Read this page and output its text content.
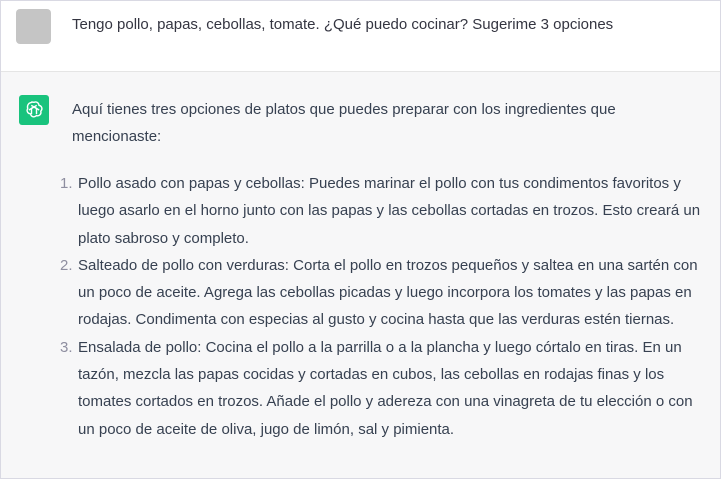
Tengo pollo, papas, cebollas, tomate. ¿Qué puedo cocinar? Sugerime 3 opciones
Aquí tienes tres opciones de platos que puedes preparar con los ingredientes que mencionaste:
1. Pollo asado con papas y cebollas: Puedes marinar el pollo con tus condimentos favoritos y luego asarlo en el horno junto con las papas y las cebollas cortadas en trozos. Esto creará un plato sabroso y completo.
2. Salteado de pollo con verduras: Corta el pollo en trozos pequeños y saltea en una sartén con un poco de aceite. Agrega las cebollas picadas y luego incorpora los tomates y las papas en rodajas. Condimenta con especias al gusto y cocina hasta que las verduras estén tiernas.
3. Ensalada de pollo: Cocina el pollo a la parrilla o a la plancha y luego córtalo en tiras. En un tazón, mezcla las papas cocidas y cortadas en cubos, las cebollas en rodajas finas y los tomates cortados en trozos. Añade el pollo y adereza con una vinagreta de tu elección o con un poco de aceite de oliva, jugo de limón, sal y pimienta.
